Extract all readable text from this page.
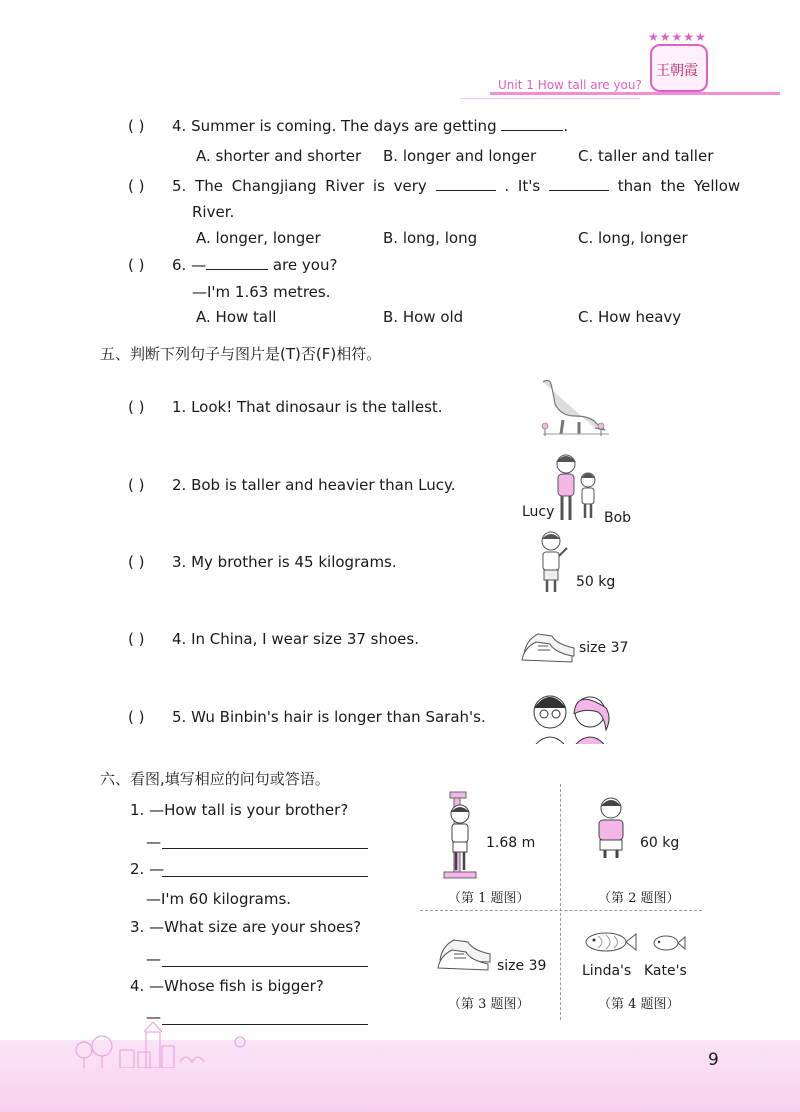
★★★★★
王朝霞
Unit 1 How tall are you?
( ) 4. Summer is coming. The days are getting	.
A. shorter and shorter B. longer and longer	C. taller and taller
( ) 5. The Changjiang River is very	. It's	than the Yellow
River.
A. longer, longer	B. long, long	C. long, longer
( ) 6. —	are you?
—I'm 1.63 metres.
A. How tall	B. How old	C. How heavy
五、判断下列句子与图片是(T)否(F)相符。
( ) 1. Look! That dinosaur is the tallest.
( ) 2. Bob is taller and heavier than Lucy.
Lucy	Bob
( ) 3. My brother is 45 kilograms.
50 kg
( ) 4. In China, I wear size 37 shoes.	size 37
( ) 5. Wu Binbin's hair is longer than Sarah's.
六、看图,填写相应的问句或答语。
1. —How tall is your brother?
—
2. —
—I'm 60 kilograms.
3. —What size are your shoes?
—
4. —Whose fish is bigger?
—
1.68 m
（第 1 题图）
60 kg
（第 2 题图）
size 39
（第 3 题图）
Linda's Kate's
（第 4 题图）
9
